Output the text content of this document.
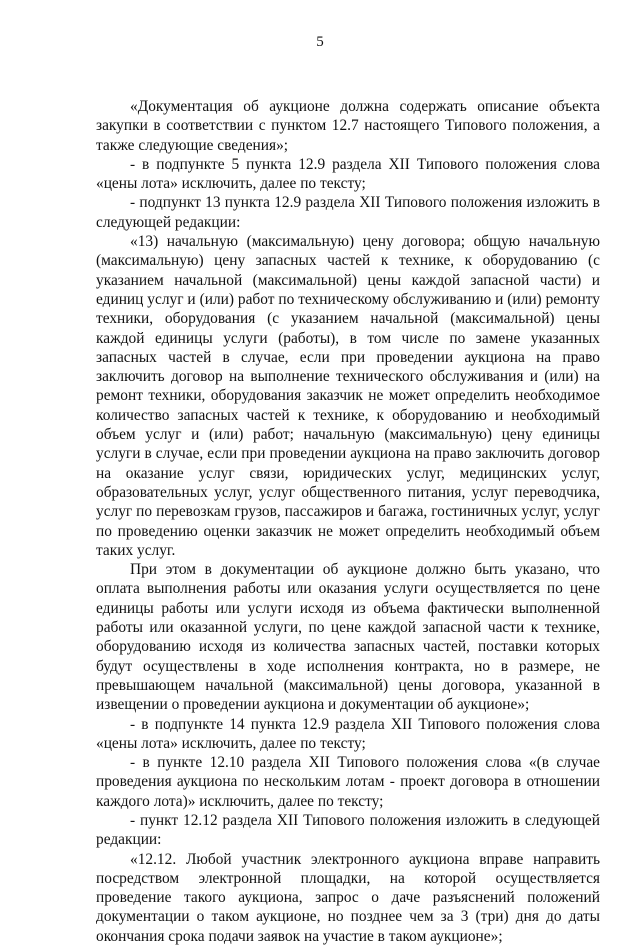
5

«Документация об аукционе должна содержать описание объекта закупки в соответствии с пунктом 12.7 настоящего Типового положения, а также следующие сведения»;

- в подпункте 5 пункта 12.9 раздела XII Типового положения слова «цены лота» исключить, далее по тексту;

- подпункт 13 пункта 12.9 раздела XII Типового положения изложить в следующей редакции:

«13) начальную (максимальную) цену договора; общую начальную (максимальную) цену запасных частей к технике, к оборудованию (с указанием начальной (максимальной) цены каждой запасной части) и единиц услуг и (или) работ по техническому обслуживанию и (или) ремонту техники, оборудования (с указанием начальной (максимальной) цены каждой единицы услуги (работы), в том числе по замене указанных запасных частей в случае, если при проведении аукциона на право заключить договор на выполнение технического обслуживания и (или) на ремонт техники, оборудования заказчик не может определить необходимое количество запасных частей к технике, к оборудованию и необходимый объем услуг и (или) работ; начальную (максимальную) цену единицы услуги в случае, если при проведении аукциона на право заключить договор на оказание услуг связи, юридических услуг, медицинских услуг, образовательных услуг, услуг общественного питания, услуг переводчика, услуг по перевозкам грузов, пассажиров и багажа, гостиничных услуг, услуг по проведению оценки заказчик не может определить необходимый объем таких услуг.

При этом в документации об аукционе должно быть указано, что оплата выполнения работы или оказания услуги осуществляется по цене единицы работы или услуги исходя из объема фактически выполненной работы или оказанной услуги, по цене каждой запасной части к технике, оборудованию исходя из количества запасных частей, поставки которых будут осуществлены в ходе исполнения контракта, но в размере, не превышающем начальной (максимальной) цены договора, указанной в извещении о проведении аукциона и документации об аукционе»;

- в подпункте 14 пункта 12.9 раздела XII Типового положения слова «цены лота» исключить, далее по тексту;

- в пункте 12.10 раздела XII Типового положения слова «(в случае проведения аукциона по нескольким лотам - проект договора в отношении каждого лота)» исключить, далее по тексту;

- пункт 12.12 раздела XII Типового положения изложить в следующей редакции:

«12.12. Любой участник электронного аукциона вправе направить посредством электронной площадки, на которой осуществляется проведение такого аукциона, запрос о даче разъяснений положений документации о таком аукционе, но позднее чем за 3 (три) дня до даты окончания срока подачи заявок на участие в таком аукционе»;
